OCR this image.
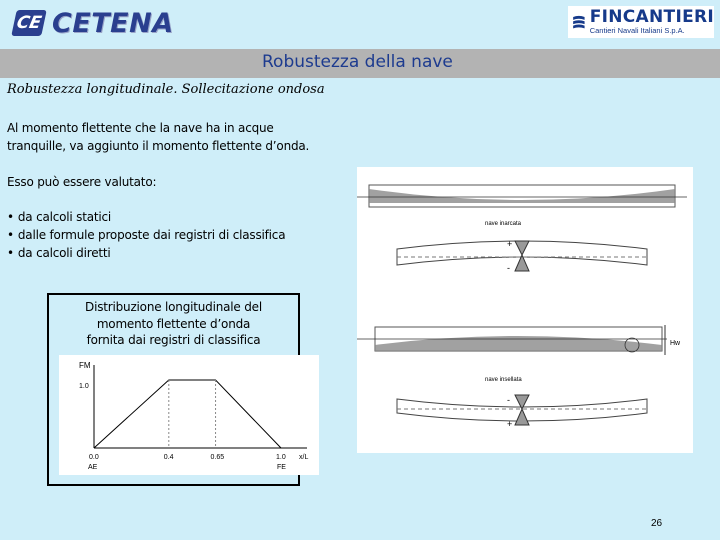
CE CETENA	FINCANTIERI
Cantieri Navali Italiani S.p.A.
Robustezza della nave
Robustezza longitudinale. Sollecitazione ondosa
Al momento flettente che la nave ha in acque
tranquille, va aggiunto il momento flettente d’onda.
Esso può essere valutato:
• da calcoli statici
• dalle formule proposte dai registri di classifica
• da calcoli diretti
Distribuzione longitudinale del
momento flettente d’onda
fornita dai registri di classifica
FM
1.0
0.0	0.4	0.65	1.0 x/L
AE	FE
nave inarcata
+
-
Hw
nave insellata
-
+
26
